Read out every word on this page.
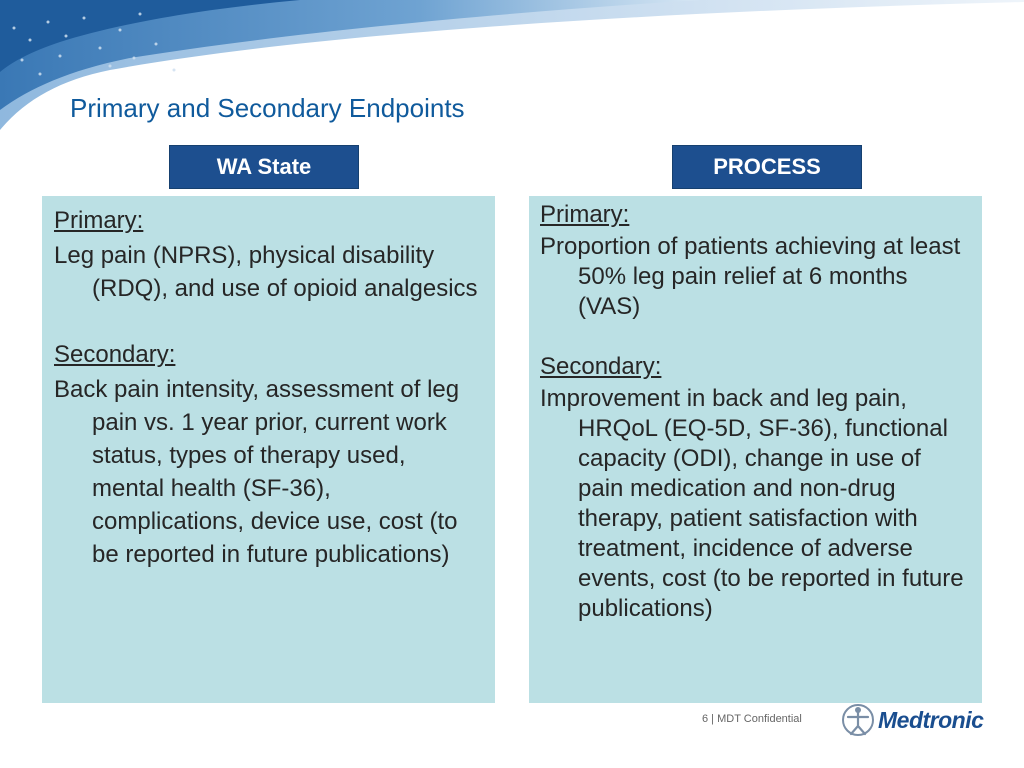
Primary and Secondary Endpoints
WA State	PROCESS

Primary:

Leg pain (NPRS), physical disability (RDQ), and use of opioid analgesics

Secondary:

Back pain intensity, assessment of leg pain vs. 1 year prior, current work status, types of therapy used, mental health (SF-36), complications, device use, cost (to be reported in future publications)

Primary:

Proportion of patients achieving at least 50% leg pain relief at 6 months (VAS)

Secondary:

Improvement in back and leg pain, HRQoL (EQ-5D, SF-36), functional capacity (ODI), change in use of pain medication and non-drug therapy, patient satisfaction with treatment, incidence of adverse events, cost (to be reported in future publications)

6 | MDT Confidential	Medtronic
